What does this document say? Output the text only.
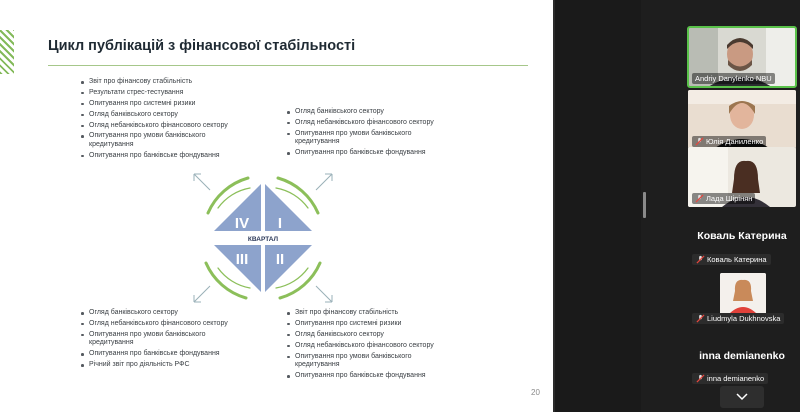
Цикл публікацій з фінансової стабільності
Звіт про фінансову стабільність
Результати стрес-тестування
Опитування про системні ризики
Огляд банківського сектору
Огляд небанківського фінансового сектору
Опитування про умови банківського кредитування
Опитування про банківське фондування
Огляд банківського сектору
Огляд небанківського фінансового сектору
Опитування про умови банківського кредитування
Опитування про банківське фондування
Огляд банківського сектору
Огляд небанківського фінансового сектору
Опитування про умови банківського кредитування
Опитування про банківське фондування
Річний звіт про діяльність РФС
Звіт про фінансову стабільність
Опитування про системні ризики
Огляд банківського сектору
Огляд небанківського фінансового сектору
Опитування про умови банківського кредитування
Опитування про банківське фондування
IV I
III II
КВАРТАЛ
20
Andriy Danylenko NBU
Юлія Даниленко
Лада Шірінян
Коваль Катерина
Коваль Катерина
Liudmyla Dukhnovska
inna demianenko
inna demianenko
